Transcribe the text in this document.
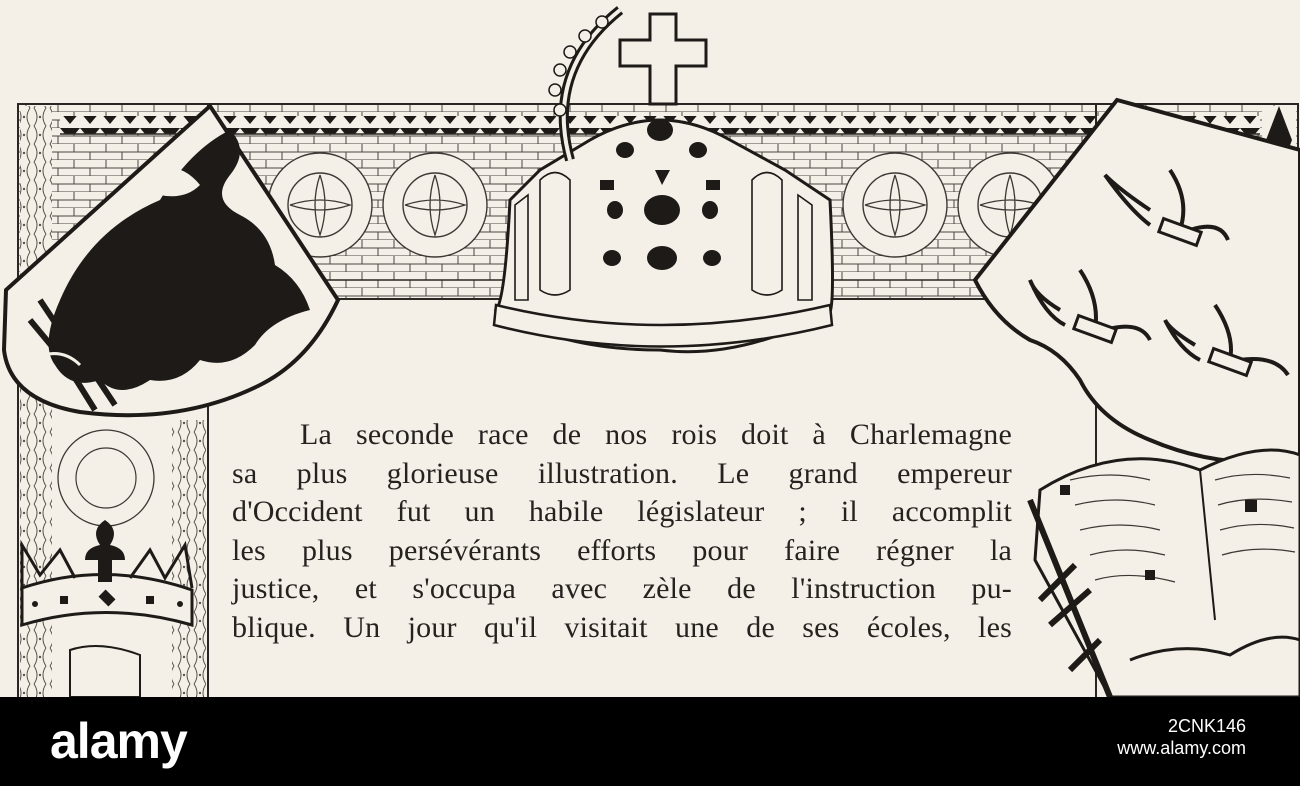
La seconde race de nos rois doit à Charlemagne
sa plus glorieuse illustration. Le grand empereur
d'Occident fut un habile législateur ; il accomplit
les plus persévérants efforts pour faire régner la
justice, et s'occupa avec zèle de l'instruction pu-
blique. Un jour qu'il visitait une de ses écoles, les
alamy	2CNK146
www.alamy.com
